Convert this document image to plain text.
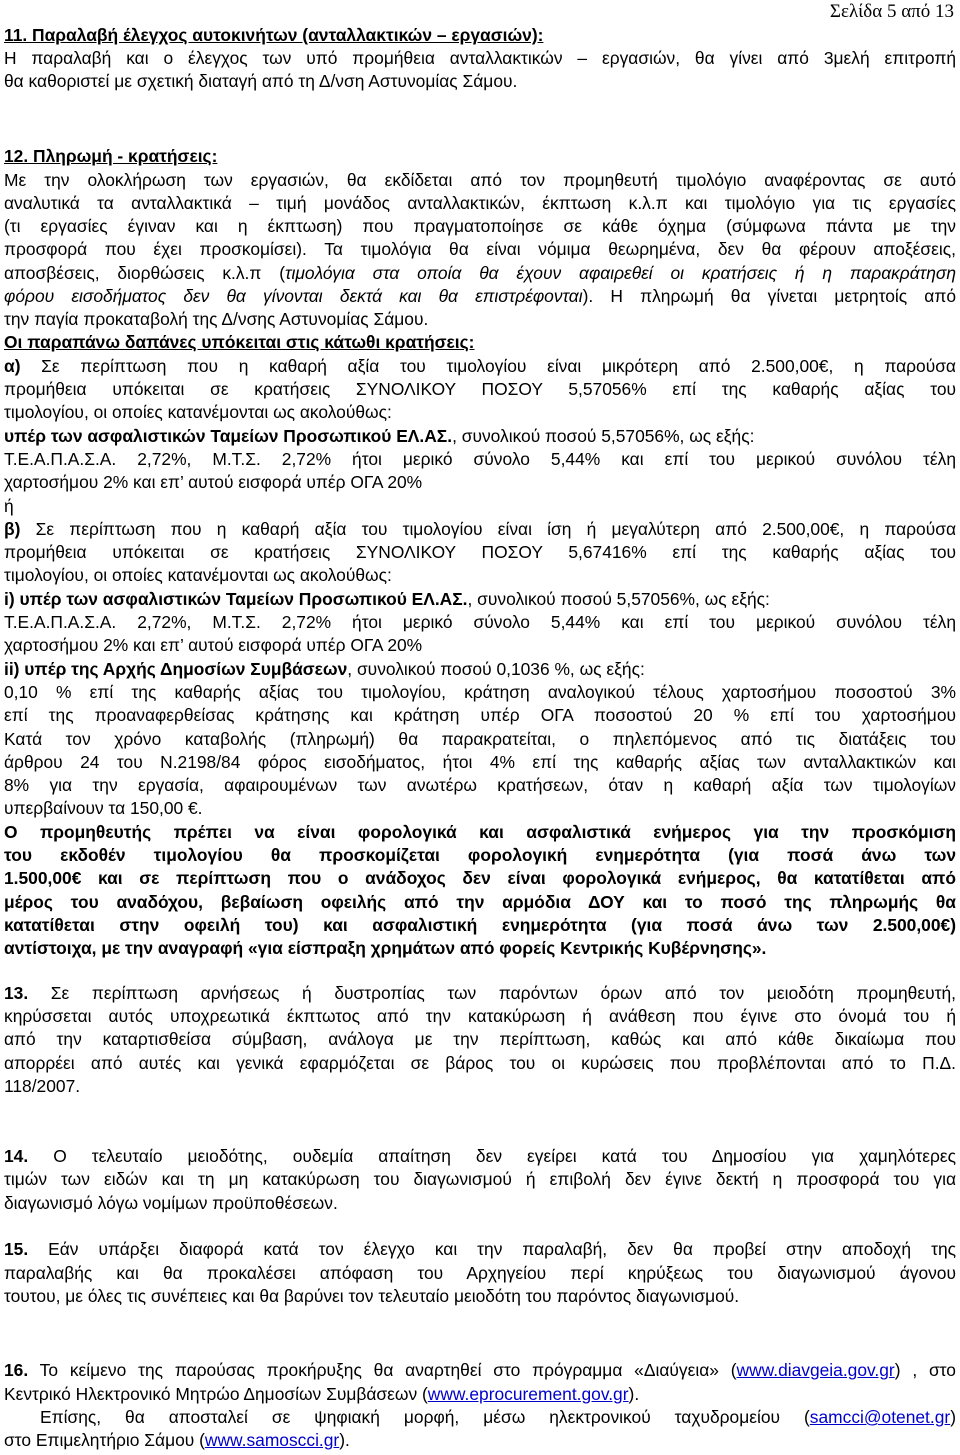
Σελίδα 5 από 13
11. Παραλαβή έλεγχος αυτοκινήτων (ανταλλακτικών – εργασιών):
Η παραλαβή και ο έλεγχος των υπό προμήθεια ανταλλακτικών – εργασιών, θα γίνει από 3μελή επιτροπή
θα καθοριστεί με σχετική διαταγή από τη Δ/νση Αστυνομίας Σάμου.
12. Πληρωμή - κρατήσεις:
Με την ολοκλήρωση των εργασιών, θα εκδίδεται από τον προμηθευτή τιμολόγιο αναφέροντας σε αυτό
αναλυτικά τα ανταλλακτικά – τιμή μονάδος ανταλλακτικών, έκπτωση κ.λ.π και τιμολόγιο για τις εργασίες
(τι εργασίες έγιναν και η έκπτωση) που πραγματοποίησε σε κάθε όχημα (σύμφωνα πάντα με την
προσφορά που έχει προσκομίσει). Τα τιμολόγια θα είναι νόμιμα θεωρημένα, δεν θα φέρουν αποξέσεις,
αποσβέσεις, διορθώσεις κ.λ.π (τιμολόγια στα οποία θα έχουν αφαιρεθεί οι κρατήσεις ή η παρακράτηση
φόρου εισοδήματος δεν θα γίνονται δεκτά και θα επιστρέφονται). Η πληρωμή θα γίνεται μετρητοίς από
την παγία προκαταβολή της Δ/νσης Αστυνομίας Σάμου.
Οι παραπάνω δαπάνες υπόκειται στις κάτωθι κρατήσεις:
α) Σε περίπτωση που η καθαρή αξία του τιμολογίου είναι μικρότερη από 2.500,00€, η παρούσα
προμήθεια υπόκειται σε κρατήσεις ΣΥΝΟΛΙΚΟΥ ΠΟΣΟΥ 5,57056% επί της καθαρής αξίας του
τιμολογίου, οι οποίες κατανέμονται ως ακολούθως:
υπέρ των ασφαλιστικών Ταμείων Προσωπικού ΕΛ.ΑΣ., συνολικού ποσού 5,57056%, ως εξής:
Τ.Ε.Α.Π.Α.Σ.Α. 2,72%, Μ.Τ.Σ. 2,72% ήτοι μερικό σύνολο 5,44% και επί του μερικού συνόλου τέλη
χαρτοσήμου 2% και επ’ αυτού εισφορά υπέρ ΟΓΑ 20%
ή
β) Σε περίπτωση που η καθαρή αξία του τιμολογίου είναι ίση ή μεγαλύτερη από 2.500,00€, η παρούσα
προμήθεια υπόκειται σε κρατήσεις ΣΥΝΟΛΙΚΟΥ ΠΟΣΟΥ 5,67416% επί της καθαρής αξίας του
τιμολογίου, οι οποίες κατανέμονται ως ακολούθως:
i) υπέρ των ασφαλιστικών Ταμείων Προσωπικού ΕΛ.ΑΣ., συνολικού ποσού 5,57056%, ως εξής:
Τ.Ε.Α.Π.Α.Σ.Α. 2,72%, Μ.Τ.Σ. 2,72% ήτοι μερικό σύνολο 5,44% και επί του μερικού συνόλου τέλη
χαρτοσήμου 2% και επ’ αυτού εισφορά υπέρ ΟΓΑ 20%
ii) υπέρ της Αρχής Δημοσίων Συμβάσεων, συνολικού ποσού 0,1036 %, ως εξής:
0,10 % επί της καθαρής αξίας του τιμολογίου, κράτηση αναλογικού τέλους χαρτοσήμου ποσοστού 3%
επί της προαναφερθείσας κράτησης και κράτηση υπέρ ΟΓΑ ποσοστού 20 % επί του χαρτοσήμου
Κατά τον χρόνο καταβολής (πληρωμή) θα παρακρατείται, ο πηλεπόμενος από τις διατάξεις του
άρθρου 24 του Ν.2198/84 φόρος εισοδήματος, ήτοι 4% επί της καθαρής αξίας των ανταλλακτικών και
8% για την εργασία, αφαιρουμένων των ανωτέρω κρατήσεων, όταν η καθαρή αξία των τιμολογίων
υπερβαίνουν τα 150,00 €.
Ο προμηθευτής πρέπει να είναι φορολογικά και ασφαλιστικά ενήμερος για την προσκόμιση
του εκδοθέν τιμολογίου θα προσκομίζεται φορολογική ενημερότητα (για ποσά άνω των
1.500,00€ και σε περίπτωση που ο ανάδοχος δεν είναι φορολογικά ενήμερος, θα κατατίθεται από
μέρος του αναδόχου, βεβαίωση οφειλής από την αρμόδια ΔΟΥ και το ποσό της πληρωμής θα
κατατίθεται στην οφειλή του) και ασφαλιστική ενημερότητα (για ποσά άνω των 2.500,00€)
αντίστοιχα, με την αναγραφή «για είσπραξη χρημάτων από φορείς Κεντρικής Κυβέρνησης».
13. Σε περίπτωση αρνήσεως ή δυστροπίας των παρόντων όρων από τον μειοδότη προμηθευτή,
κηρύσσεται αυτός υποχρεωτικά έκπτωτος από την κατακύρωση ή ανάθεση που έγινε στο όνομά του ή
από την καταρτισθείσα σύμβαση, ανάλογα με την περίπτωση, καθώς και από κάθε δικαίωμα που
απορρέει από αυτές και γενικά εφαρμόζεται σε βάρος του οι κυρώσεις που προβλέπονται από το Π.Δ.
118/2007.
14. Ο τελευταίο μειοδότης, ουδεμία απαίτηση δεν εγείρει κατά του Δημοσίου για χαμηλότερες
τιμών των ειδών και τη μη κατακύρωση του διαγωνισμού ή επιβολή δεν έγινε δεκτή η προσφορά του για
διαγωνισμό λόγω νομίμων προϋποθέσεων.
15. Εάν υπάρξει διαφορά κατά τον έλεγχο και την παραλαβή, δεν θα προβεί στην αποδοχή της
παραλαβής και θα προκαλέσει απόφαση του Αρχηγείου περί κηρύξεως του διαγωνισμού άγονου
τουτου, με όλες τις συνέπειες και θα βαρύνει τον τελευταίο μειοδότη του παρόντος διαγωνισμού.
16. Το κείμενο της παρούσας προκήρυξης θα αναρτηθεί στο πρόγραμμα «Διαύγεια» (www.diavgeia.gov.gr) , στο
Κεντρικό Ηλεκτρονικό Μητρώο Δημοσίων Συμβάσεων (www.eprocurement.gov.gr).
Επίσης, θα αποσταλεί σε ψηφιακή μορφή, μέσω ηλεκτρονικού ταχυδρομείου (samcci@otenet.gr)
στο Επιμελητήριο Σάμου (www.samoscci.gr).
